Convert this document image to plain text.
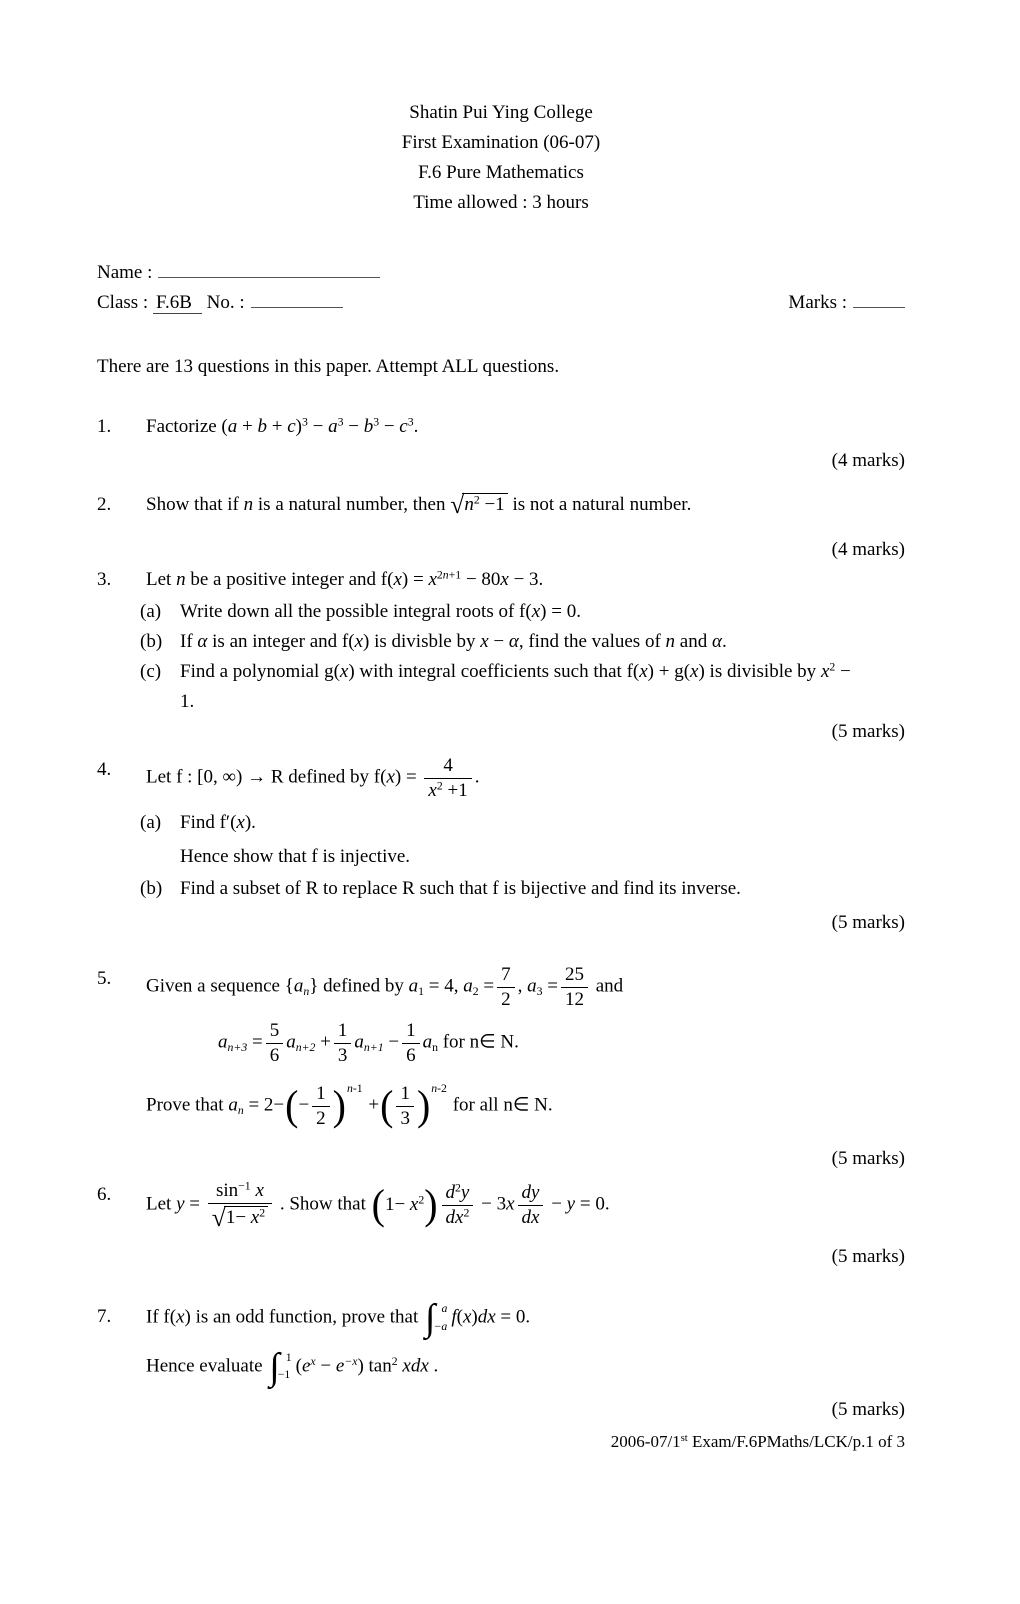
Shatin Pui Ying College
First Examination (06-07)
F.6 Pure Mathematics
Time allowed : 3 hours
Name :
Class : F.6B No. :	Marks :
There are 13 questions in this paper. Attempt ALL questions.
1.	Factorize $(a + b + c)^3 - a^3 - b^3 - c^3$.
(4 marks)
2.	Show that if n is a natural number, then $√n^2 -1$ is not a natural number.
(4 marks)
3.	Let n be a positive integer and $f(x) = x^{2n+1} - 80x - 3$.
(a) Write down all the possible integral roots of f(x) = 0.
(b) If α is an integer and f(x) is divisble by x − α, find the values of n and α.
(c) Find a polynomial g(x) with integral coefficients such that f(x) + g(x) is divisible by $x^2$ −
1.
(5 marks)
4.	Let f : [0, ∞) → R defined by $f(x) = \frac{4}{x^2 +1}$ .
(a) Find f′(x).
Hence show that f is injective.
(b) Find a subset of R to replace R such that f is bijective and find its inverse.
(5 marks)
5.	Given a sequence {an} defined by a1 = 4, $a2 = \frac{7}{2}$ , $a3 = \frac{25}{12}$ and
$an+3 = \frac{5}{6} an+2 + \frac{1}{3} an+1 - \frac{1}{6}$ an for n∈ N.
Prove that an = 2− ( − $\frac{1}{2}$ ) n-1
+ ( $\frac{1}{3}$ ) n-2
for all n∈ N.
(5 marks)
6.	Let $y = \frac{\sin^{-1} x}{√1- x^2}$ . Show that ( $1- x^2$ ) $\frac{d^2y}{dx^2} - 3x \frac{dy}{dx} - y = 0$.
(5 marks)
7.	If f(x) is an odd function, prove that ∫ a
−a f(x)dx = 0.
Hence evaluate ∫ 1
−1 $(e^x - e^{-x})$ $\tan^2$ xdx .
(5 marks)
2006-07/1st Exam/F.6PMaths/LCK/p.1 of 3
